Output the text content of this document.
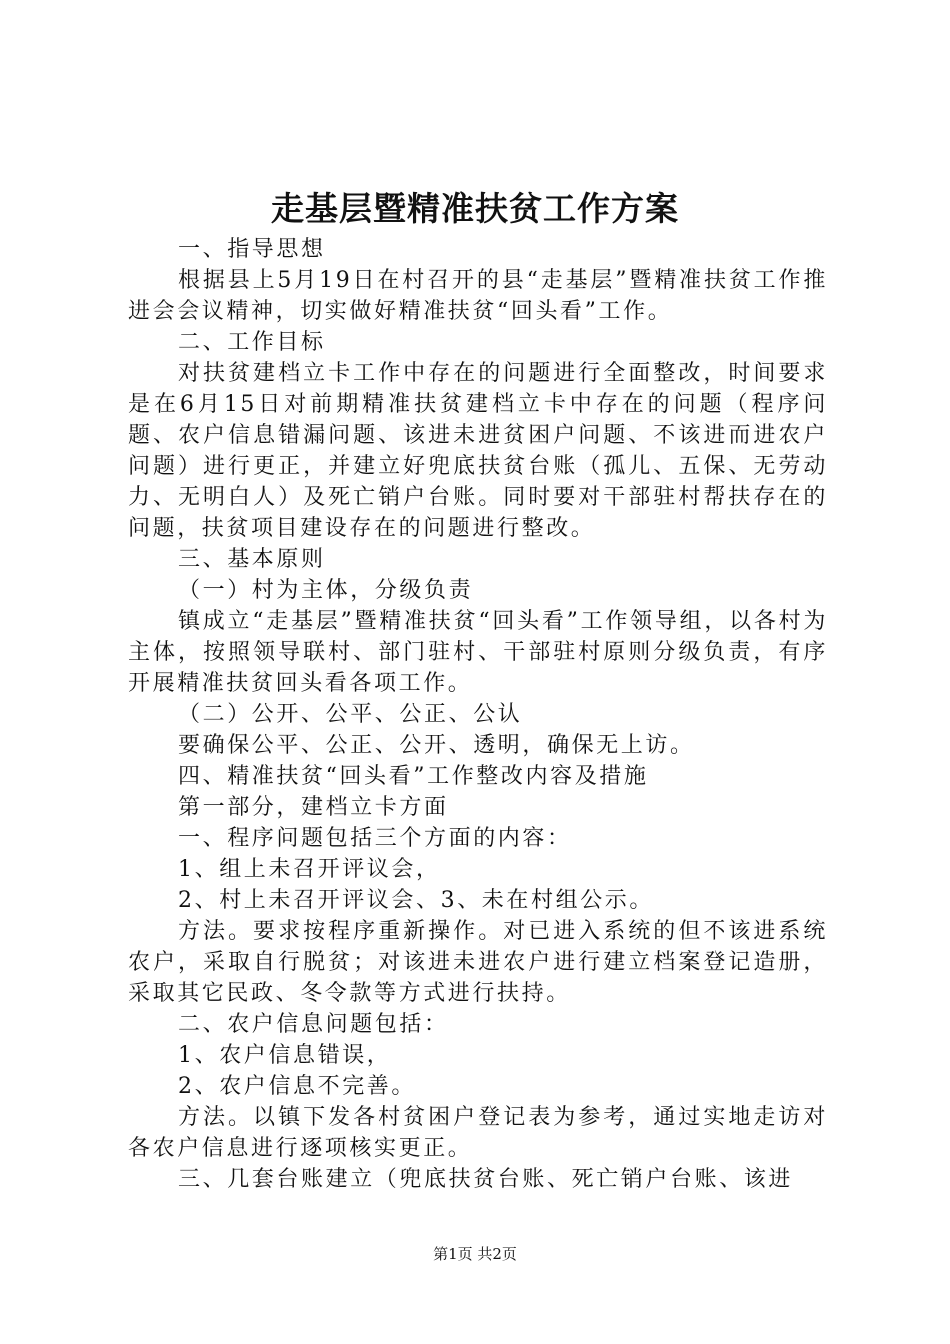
走基层暨精准扶贫工作方案

一、指导思想

根据县上5月19日在村召开的县“走基层”暨精准扶贫工作推进会会议精神，切实做好精准扶贫“回头看”工作。

二、工作目标

对扶贫建档立卡工作中存在的问题进行全面整改，时间要求是在6月15日对前期精准扶贫建档立卡中存在的问题（程序问题、农户信息错漏问题、该进未进贫困户问题、不该进而进农户问题）进行更正，并建立好兜底扶贫台账（孤儿、五保、无劳动力、无明白人）及死亡销户台账。同时要对干部驻村帮扶存在的问题，扶贫项目建设存在的问题进行整改。

三、基本原则

（一）村为主体，分级负责

镇成立“走基层”暨精准扶贫“回头看”工作领导组，以各村为主体，按照领导联村、部门驻村、干部驻村原则分级负责，有序开展精准扶贫回头看各项工作。

（二）公开、公平、公正、公认

要确保公平、公正、公开、透明，确保无上访。

四、精准扶贫“回头看”工作整改内容及措施

第一部分，建档立卡方面

一、程序问题包括三个方面的内容：

1、组上未召开评议会，

2、村上未召开评议会、3、未在村组公示。

方法。要求按程序重新操作。对已进入系统的但不该进系统农户，采取自行脱贫；对该进未进农户进行建立档案登记造册，采取其它民政、冬令款等方式进行扶持。

二、农户信息问题包括：

1、农户信息错误，

2、农户信息不完善。

方法。以镇下发各村贫困户登记表为参考，通过实地走访对各农户信息进行逐项核实更正。

三、几套台账建立（兜底扶贫台账、死亡销户台账、该进

第1页 共2页
